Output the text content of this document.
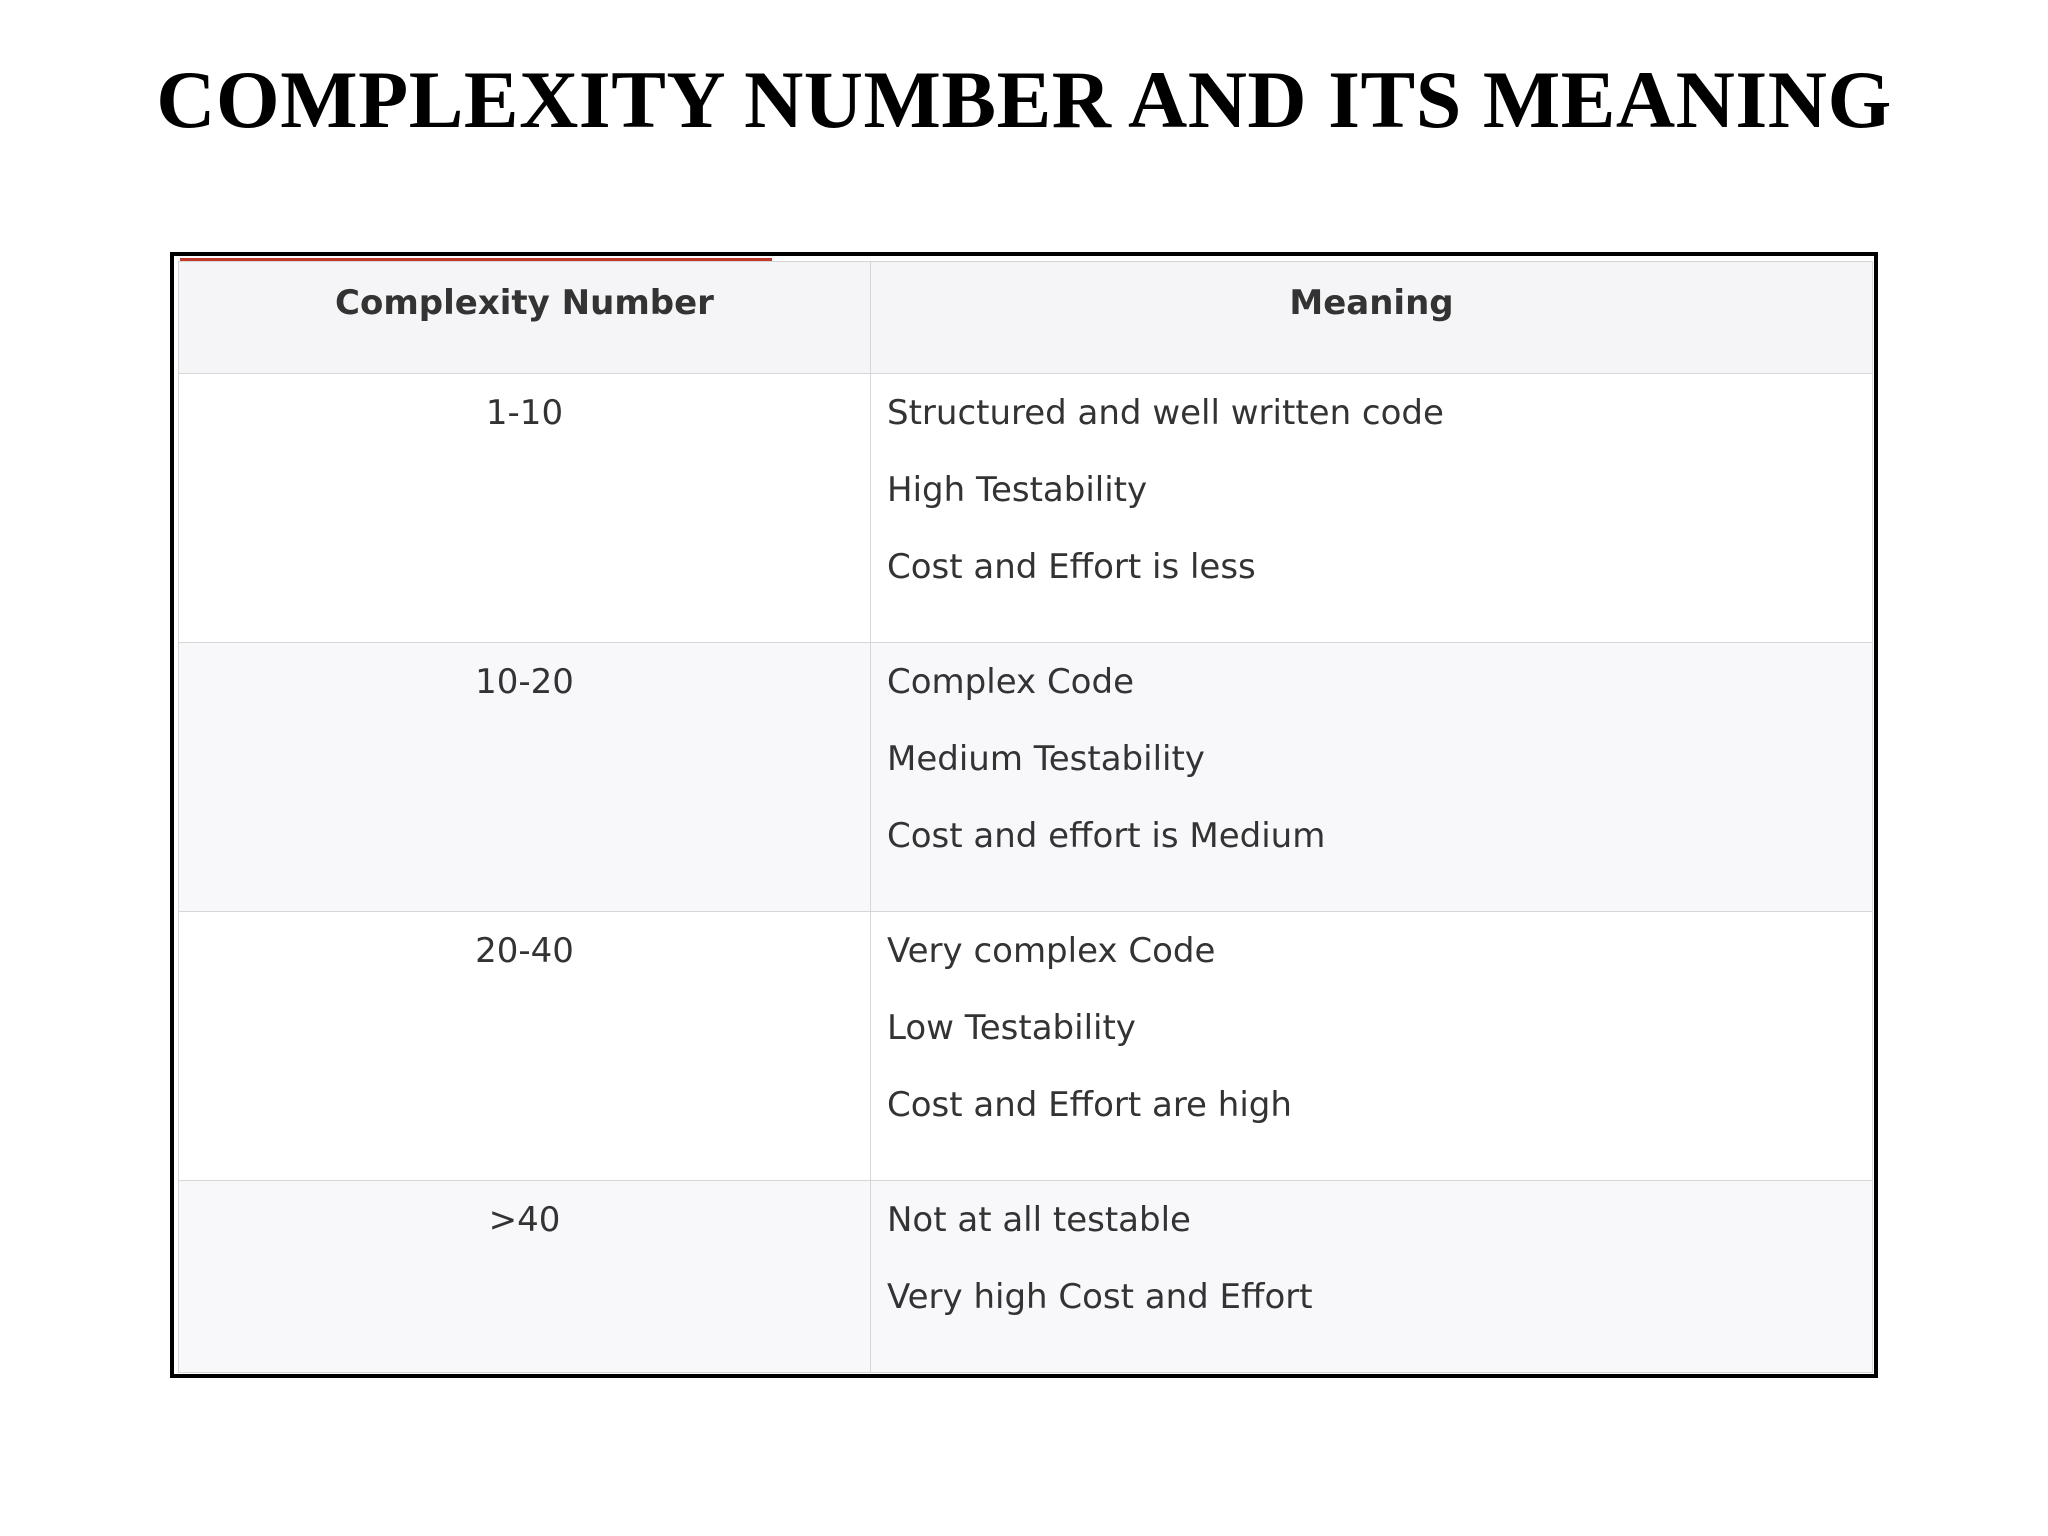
COMPLEXITY NUMBER AND ITS MEANING
Complexity Number	Meaning
1-10	Structured and well written code
High Testability
Cost and Effort is less

10-20	Complex Code
Medium Testability
Cost and effort is Medium

20-40	Very complex Code
Low Testability
Cost and Effort are high

>40	Not at all testable
Very high Cost and Effort
